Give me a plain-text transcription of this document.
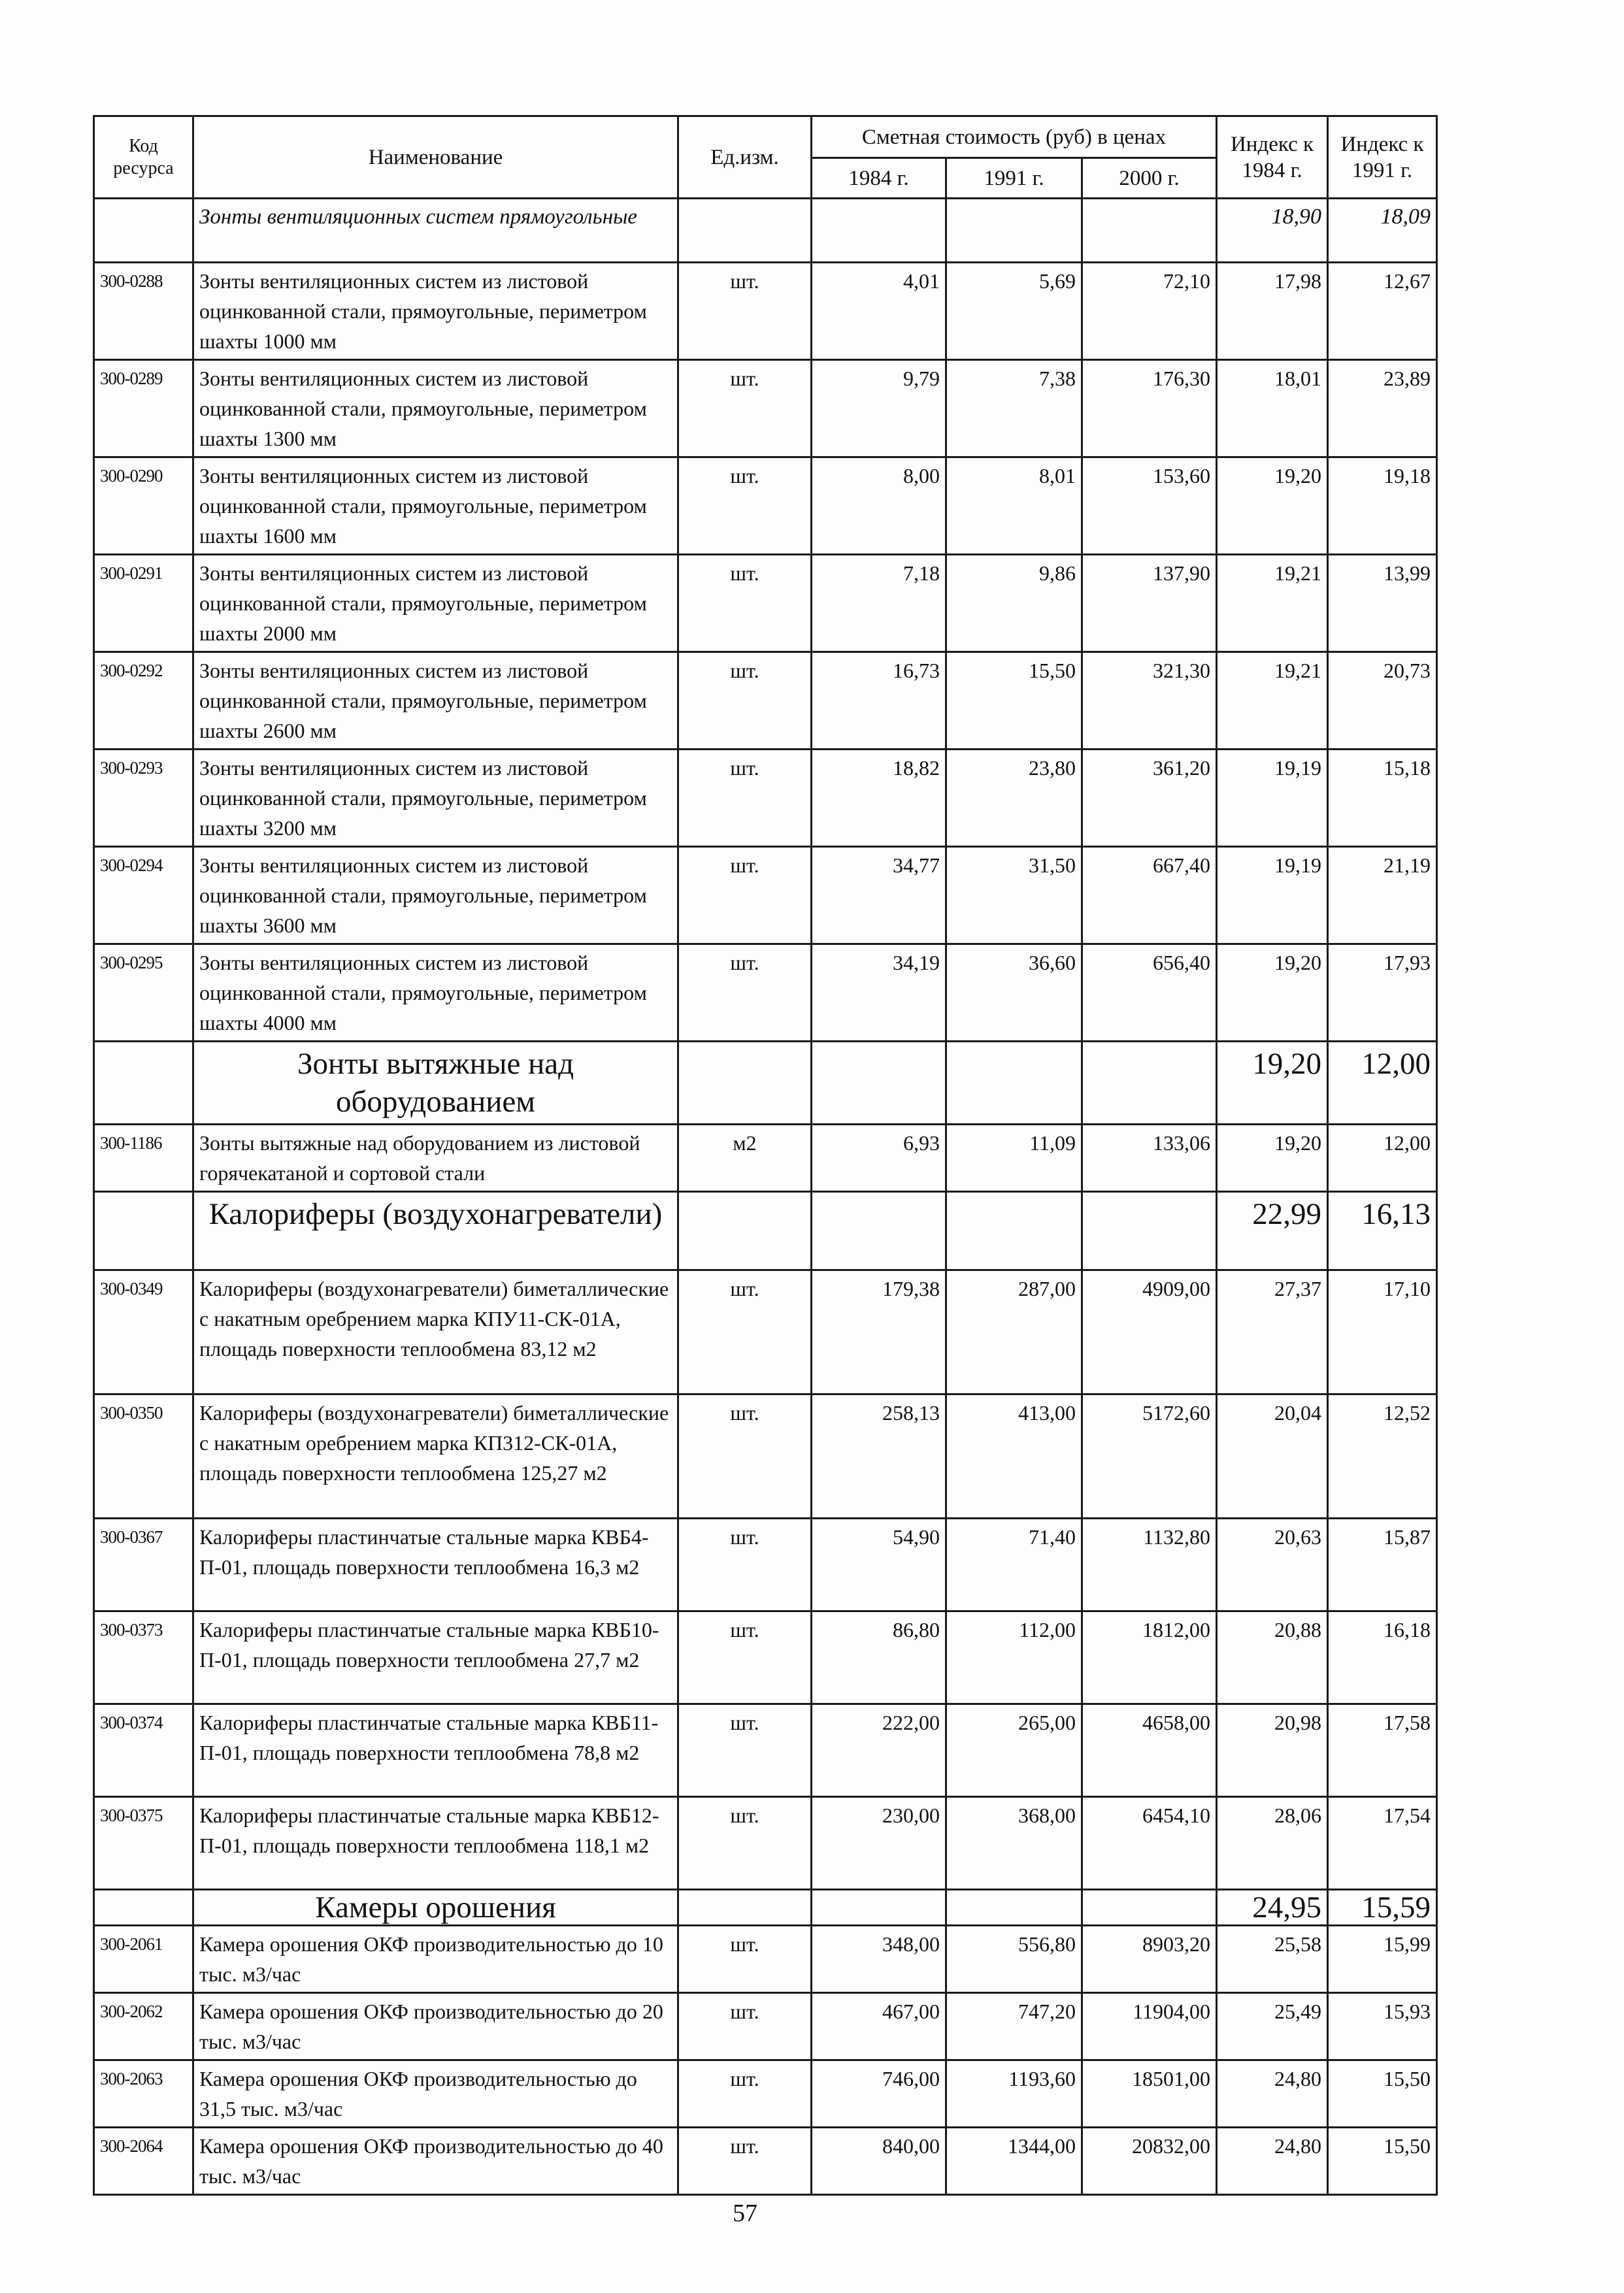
Код ресурса	Наименование	Ед.изм.	Сметная стоимость (руб) в ценах			Индекс к 1984 г.	Индекс к 1991 г.
			1984 г.	1991 г.	2000 г.		
	Зонты вентиляционных систем прямоугольные					18,90	18,09
300-0288	Зонты вентиляционных систем из листовой оцинкованной стали, прямоугольные, периметром шахты 1000 мм	шт.	4,01	5,69	72,10	17,98	12,67
300-0289	Зонты вентиляционных систем из листовой оцинкованной стали, прямоугольные, периметром шахты 1300 мм	шт.	9,79	7,38	176,30	18,01	23,89
300-0290	Зонты вентиляционных систем из листовой оцинкованной стали, прямоугольные, периметром шахты 1600 мм	шт.	8,00	8,01	153,60	19,20	19,18
300-0291	Зонты вентиляционных систем из листовой оцинкованной стали, прямоугольные, периметром шахты 2000 мм	шт.	7,18	9,86	137,90	19,21	13,99
300-0292	Зонты вентиляционных систем из листовой оцинкованной стали, прямоугольные, периметром шахты 2600 мм	шт.	16,73	15,50	321,30	19,21	20,73
300-0293	Зонты вентиляционных систем из листовой оцинкованной стали, прямоугольные, периметром шахты 3200 мм	шт.	18,82	23,80	361,20	19,19	15,18
300-0294	Зонты вентиляционных систем из листовой оцинкованной стали, прямоугольные, периметром шахты 3600 мм	шт.	34,77	31,50	667,40	19,19	21,19
300-0295	Зонты вентиляционных систем из листовой оцинкованной стали, прямоугольные, периметром шахты 4000 мм	шт.	34,19	36,60	656,40	19,20	17,93
	Зонты вытяжные над оборудованием					19,20	12,00
300-1186	Зонты вытяжные над оборудованием из листовой горячекатаной и сортовой стали	м2	6,93	11,09	133,06	19,20	12,00
	Калориферы (воздухонагреватели)					22,99	16,13
300-0349	Калориферы (воздухонагреватели) биметаллические с накатным оребрением марка КПУ11-СК-01А, площадь поверхности теплообмена 83,12 м2	шт.	179,38	287,00	4909,00	27,37	17,10
300-0350	Калориферы (воздухонагреватели) биметаллические с накатным оребрением марка КП312-СК-01А, площадь поверхности теплообмена 125,27 м2	шт.	258,13	413,00	5172,60	20,04	12,52
300-0367	Калориферы пластинчатые стальные марка КВБ4-П-01, площадь поверхности теплообмена 16,3 м2	шт.	54,90	71,40	1132,80	20,63	15,87
300-0373	Калориферы пластинчатые стальные марка КВБ10-П-01, площадь поверхности теплообмена 27,7 м2	шт.	86,80	112,00	1812,00	20,88	16,18
300-0374	Калориферы пластинчатые стальные марка КВБ11-П-01, площадь поверхности теплообмена 78,8 м2	шт.	222,00	265,00	4658,00	20,98	17,58
300-0375	Калориферы пластинчатые стальные марка КВБ12-П-01, площадь поверхности теплообмена 118,1 м2	шт.	230,00	368,00	6454,10	28,06	17,54
	Камеры орошения					24,95	15,59
300-2061	Камера орошения ОКФ производительностью до 10 тыс. м3/час	шт.	348,00	556,80	8903,20	25,58	15,99
300-2062	Камера орошения ОКФ производительностью до 20 тыс. м3/час	шт.	467,00	747,20	11904,00	25,49	15,93
300-2063	Камера орошения ОКФ производительностью до 31,5 тыс. м3/час	шт.	746,00	1193,60	18501,00	24,80	15,50
300-2064	Камера орошения ОКФ производительностью до 40 тыс. м3/час	шт.	840,00	1344,00	20832,00	24,80	15,50
57
